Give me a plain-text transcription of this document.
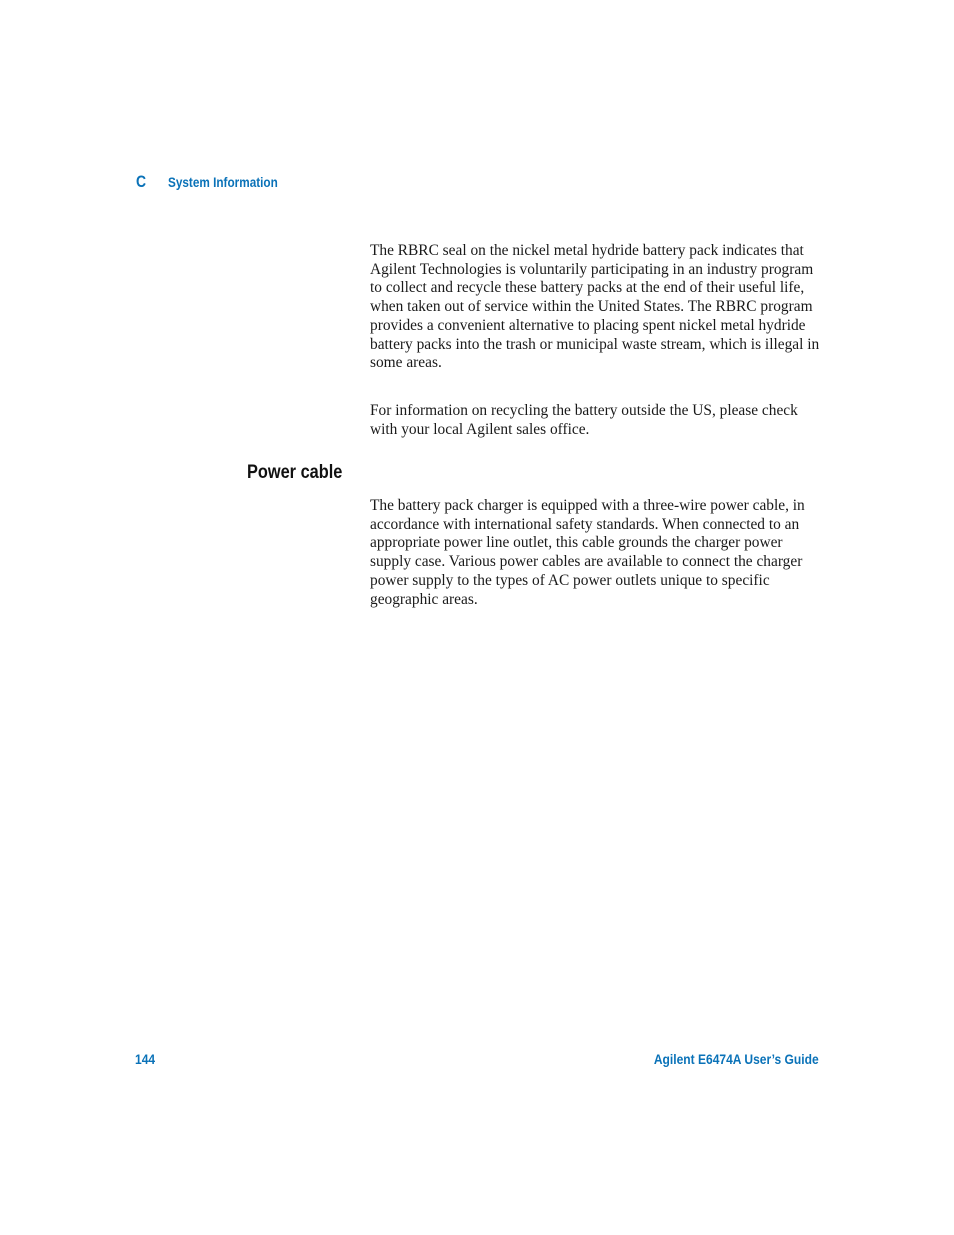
C	System Information

The RBRC seal on the nickel metal hydride battery pack indicates that Agilent Technologies is voluntarily participating in an industry program to collect and recycle these battery packs at the end of their useful life, when taken out of service within the United States. The RBRC program provides a convenient alternative to placing spent nickel metal hydride battery packs into the trash or municipal waste stream, which is illegal in some areas.

For information on recycling the battery outside the US, please check with your local Agilent sales office.

Power cable

The battery pack charger is equipped with a three-wire power cable, in accordance with international safety standards. When connected to an appropriate power line outlet, this cable grounds the charger power supply case. Various power cables are available to connect the charger power supply to the types of AC power outlets unique to specific geographic areas.

144	Agilent E6474A User’s Guide
